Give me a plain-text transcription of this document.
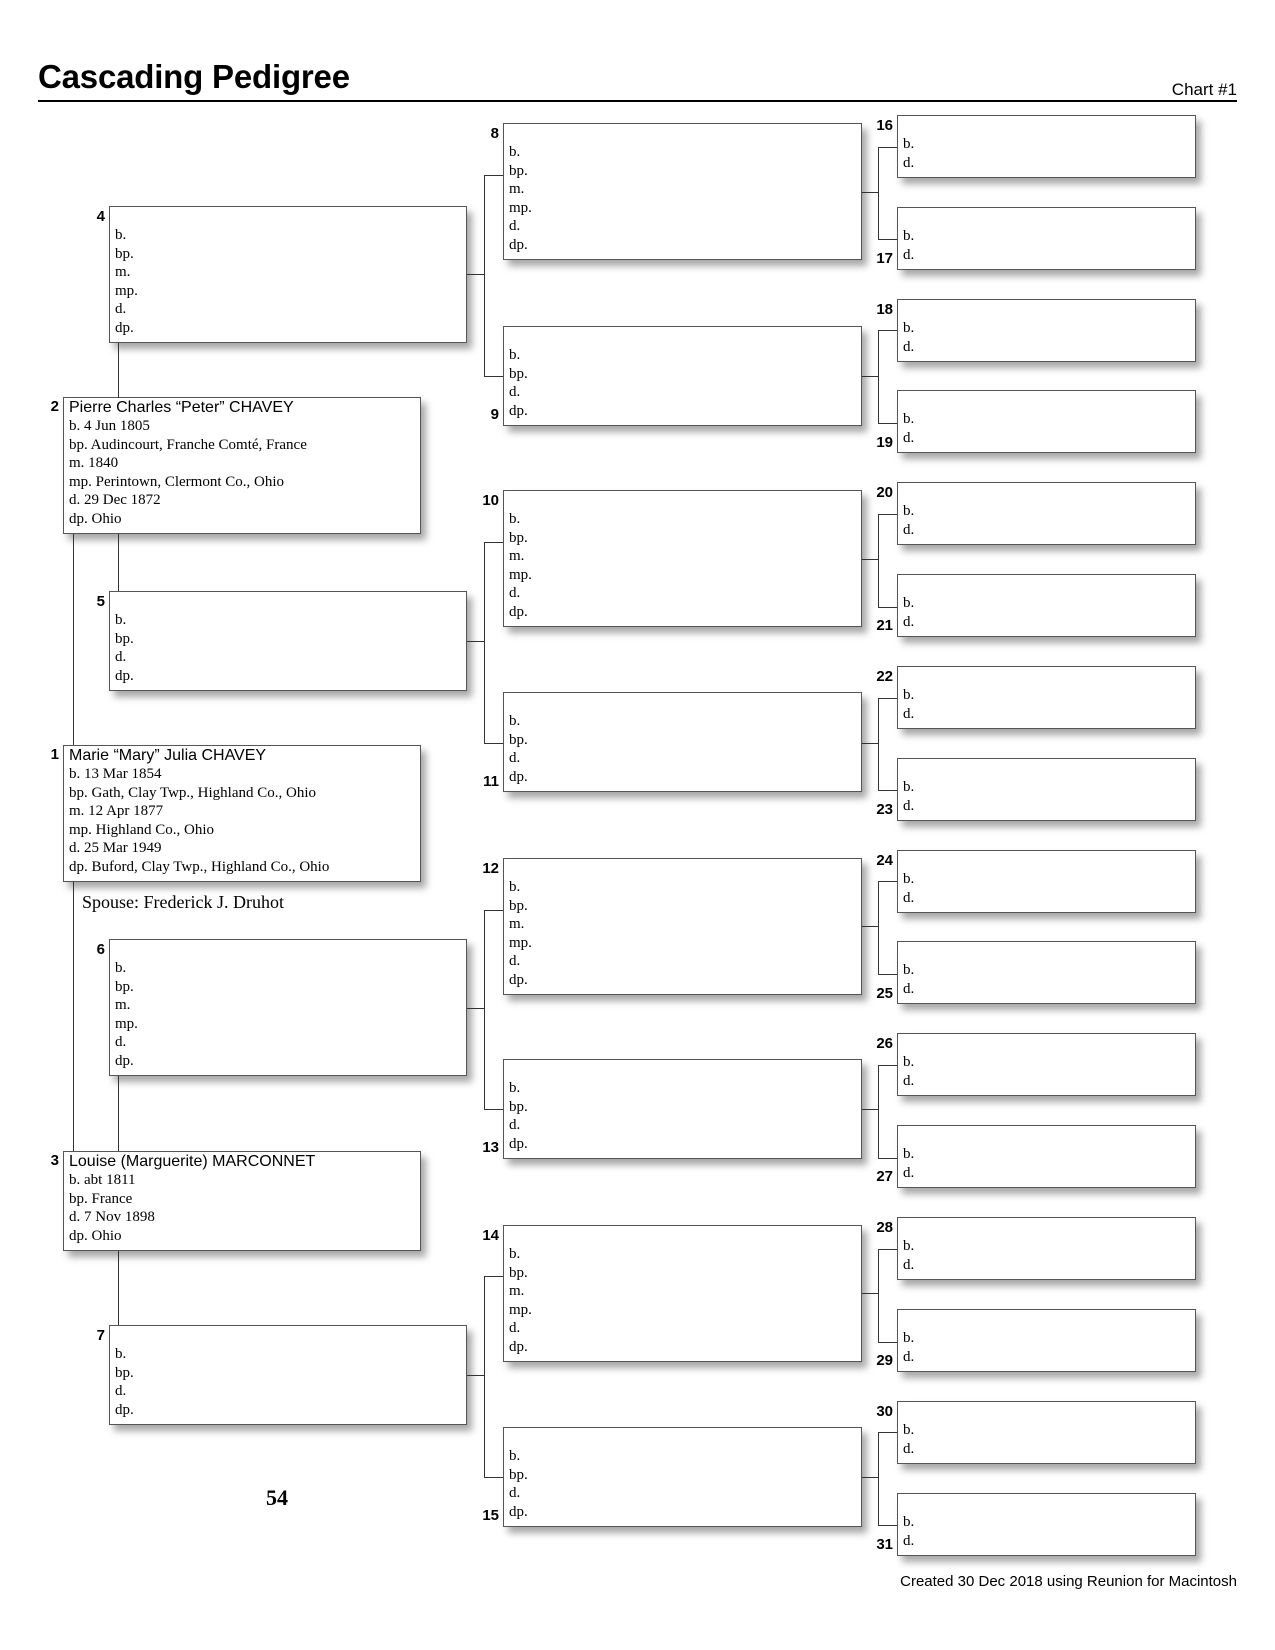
Cascading Pedigree	Chart #1
Marie “Mary” Julia CHAVEY
b. 13 Mar 1854
bp. Gath, Clay Twp., Highland Co., Ohio
m. 12 Apr 1877
mp. Highland Co., Ohio
d. 25 Mar 1949
dp. Buford, Clay Twp., Highland Co., Ohio
1
Pierre Charles “Peter” CHAVEY
b. 4 Jun 1805
bp. Audincourt, Franche Comté, France
m. 1840
mp. Perintown, Clermont Co., Ohio
d. 29 Dec 1872
dp. Ohio
2
Louise (Marguerite) MARCONNET
b. abt 1811
bp. France
d. 7 Nov 1898
dp. Ohio
3
b.
bp.
m.
mp.
d.
dp.
4
b.
bp.
d.
dp.
5
b.
bp.
m.
mp.
d.
dp.
6
b.
bp.
d.
dp.
7
b.
bp.
m.
mp.
d.
dp.
8
b.
bp.
d.
dp.
9
b.
bp.
m.
mp.
d.
dp.
10
b.
bp.
d.
dp.
11
b.
bp.
m.
mp.
d.
dp.
12
b.
bp.
d.
dp.
13
b.
bp.
m.
mp.
d.
dp.
14
b.
bp.
d.
dp.
15
b.
d.
16
b.
d.
17
b.
d.
18
b.
d.
19
b.
d.
20
b.
d.
21
b.
d.
22
b.
d.
23
b.
d.
24
b.
d.
25
b.
d.
26
b.
d.
27
b.
d.
28
b.
d.
29
b.
d.
30
b.
d.
31
Spouse: Frederick J. Druhot
54
Created 30 Dec 2018 using Reunion for Macintosh
